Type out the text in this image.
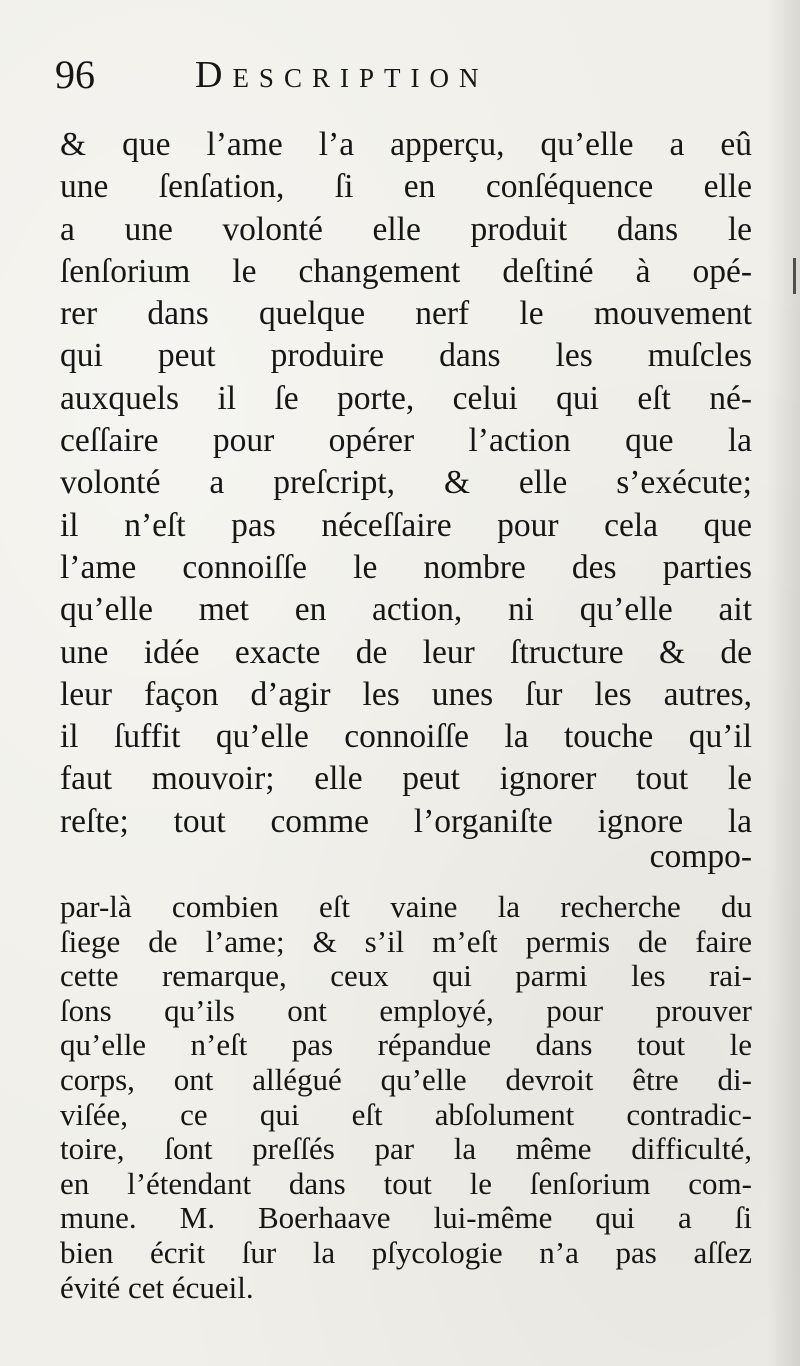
96	Description
& que l’ame l’a apperçu, qu’elle a eû
une ſenſation, ſi en conſéquence elle
a une volonté elle produit dans le
ſenſorium le changement deſtiné à opé-
rer dans quelque nerf le mouvement
qui peut produire dans les muſcles
auxquels il ſe porte, celui qui eſt né-
ceſſaire pour opérer l’action que la
volonté a preſcript, & elle s’exécute;
il n’eſt pas néceſſaire pour cela que
l’ame connoiſſe le nombre des parties
qu’elle met en action, ni qu’elle ait
une idée exacte de leur ſtructure & de
leur façon d’agir les unes ſur les autres,
il ſuffit qu’elle connoiſſe la touche qu’il
faut mouvoir; elle peut ignorer tout le
reſte; tout comme l’organiſte ignore la
compo-
par-là combien eſt vaine la recherche du
ſiege de l’ame; & s’il m’eſt permis de faire
cette remarque, ceux qui parmi les rai-
ſons qu’ils ont employé, pour prouver
qu’elle n’eſt pas répandue dans tout le
corps, ont allégué qu’elle devroit être di-
viſée, ce qui eſt abſolument contradic-
toire, ſont preſſés par la même difficulté,
en l’étendant dans tout le ſenſorium com-
mune. M. Boerhaave lui-même qui a ſi
bien écrit ſur la pſycologie n’a pas aſſez
évité cet écueil.
